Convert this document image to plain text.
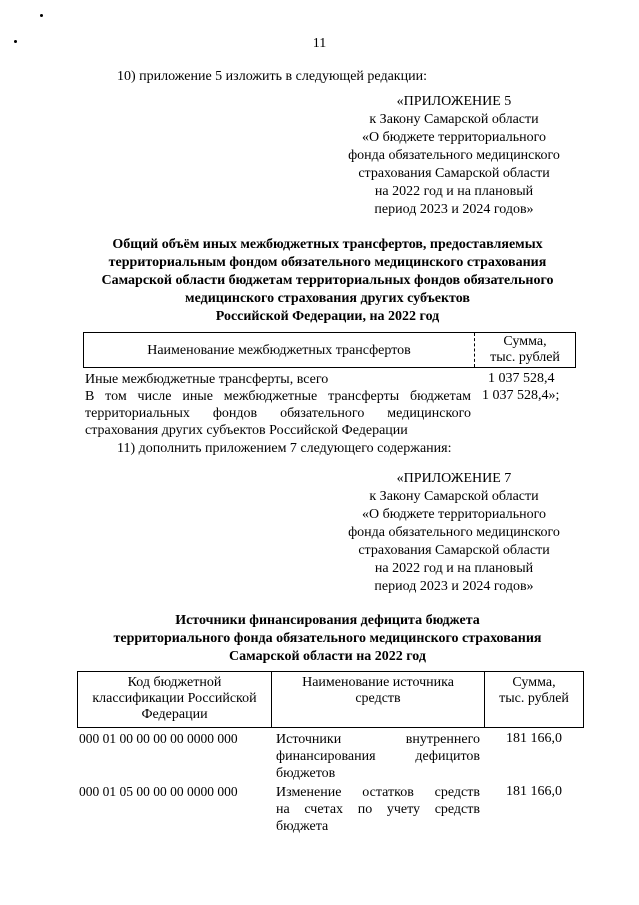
11
10) приложение 5 изложить в следующей редакции:
«ПРИЛОЖЕНИЕ 5
к Закону Самарской области
«О бюджете территориального
фонда обязательного медицинского
страхования Самарской области
на 2022 год и на плановый
период 2023 и 2024 годов»
Общий объём иных межбюджетных трансфертов, предоставляемых
территориальным фондом обязательного медицинского страхования
Самарской области бюджетам территориальных фондов обязательного
медицинского страхования других субъектов
Российской Федерации, на 2022 год
Наименование межбюджетных трансфертов
Сумма,
тыс. рублей
Иные межбюджетные трансферты, всего	1 037 528,4
В том числе иные межбюджетные трансферты бюджетам
территориальных фондов обязательного медицинского
страхования других субъектов Российской Федерации
1 037 528,4»;
11) дополнить приложением 7 следующего содержания:
«ПРИЛОЖЕНИЕ 7
к Закону Самарской области
«О бюджете территориального
фонда обязательного медицинского
страхования Самарской области
на 2022 год и на плановый
период 2023 и 2024 годов»
Источники финансирования дефицита бюджета
территориального фонда обязательного медицинского страхования
Самарской области на 2022 год
Код бюджетной
классификации Российской
Федерации
Наименование источника
средств
Сумма,
тыс. рублей
000 01 00 00 00 00 0000 000	Источники внутреннего
финансирования дефицитов
бюджетов
181 166,0
000 01 05 00 00 00 0000 000	Изменение остатков средств
на счетах по учету средств
бюджета
181 166,0
